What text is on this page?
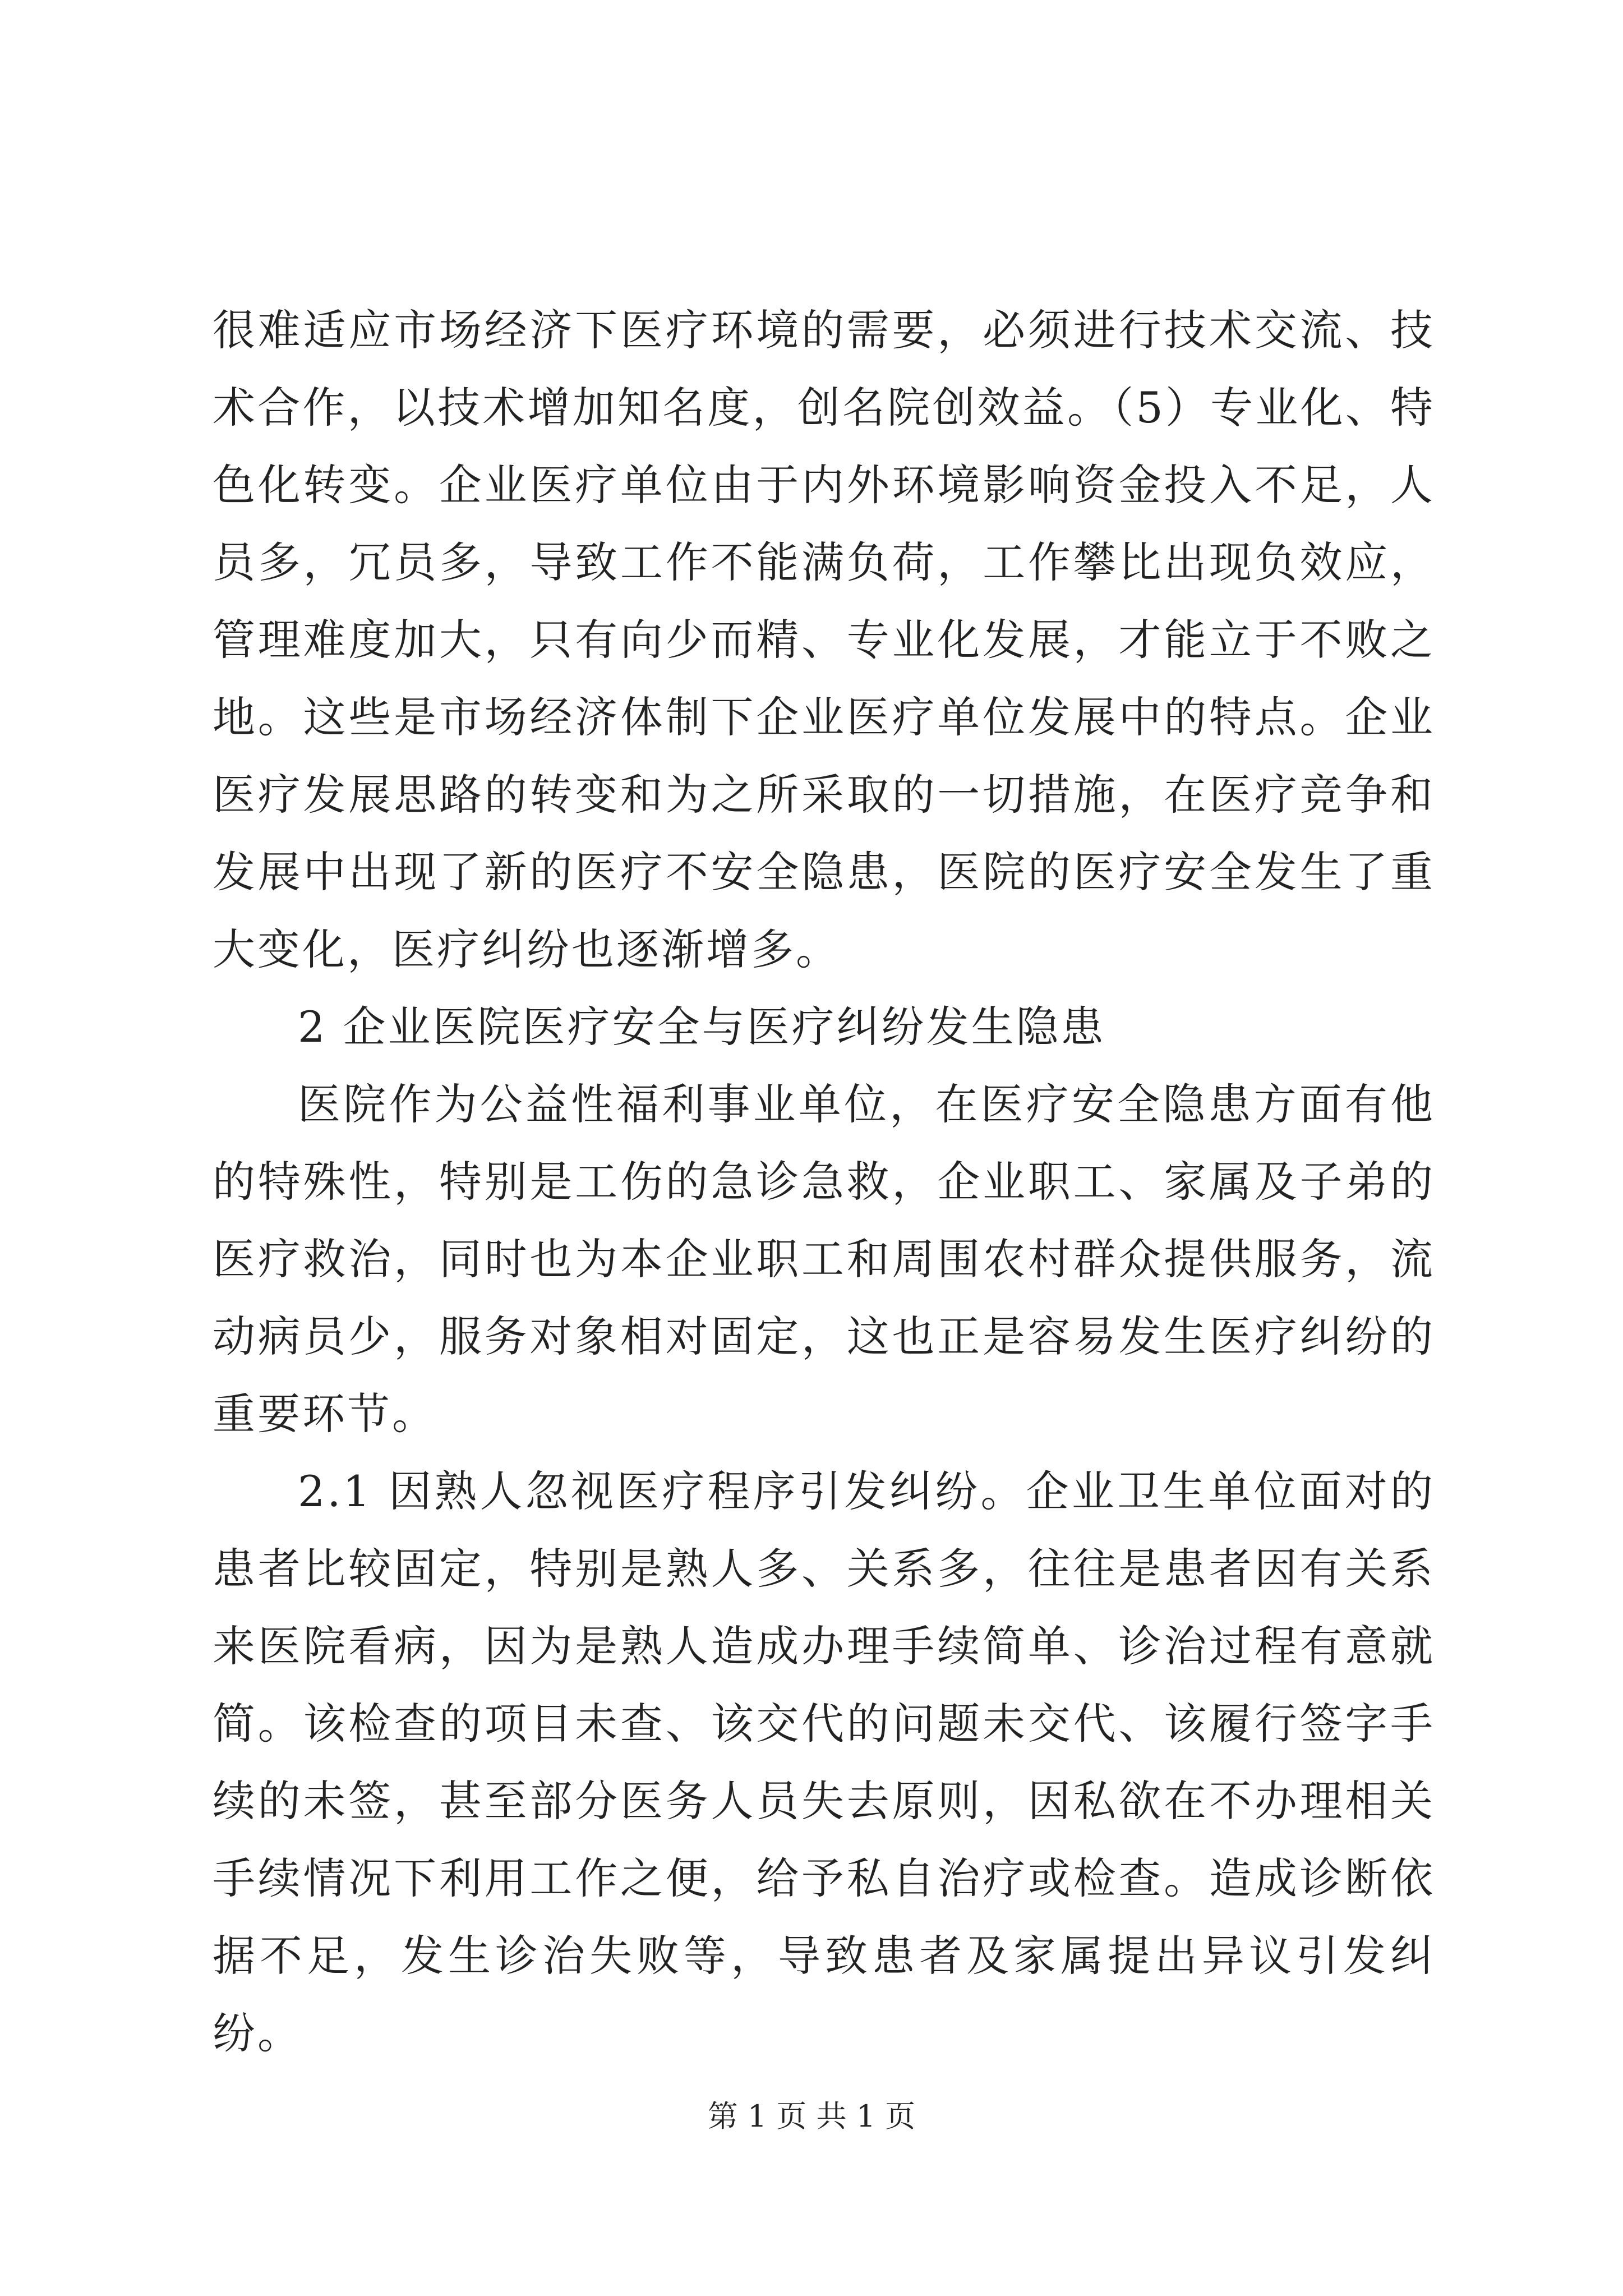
很难适应市场经济下医疗环境的需要，必须进行技术交流、技术合作，以技术增加知名度，创名院创效益。（5）专业化、特色化转变。企业医疗单位由于内外环境影响资金投入不足，人员多，冗员多，导致工作不能满负荷，工作攀比出现负效应，管理难度加大，只有向少而精、专业化发展，才能立于不败之地。这些是市场经济体制下企业医疗单位发展中的特点。企业医疗发展思路的转变和为之所采取的一切措施，在医疗竞争和发展中出现了新的医疗不安全隐患，医院的医疗安全发生了重大变化，医疗纠纷也逐渐增多。

2 企业医院医疗安全与医疗纠纷发生隐患

医院作为公益性福利事业单位，在医疗安全隐患方面有他的特殊性，特别是工伤的急诊急救，企业职工、家属及子弟的医疗救治，同时也为本企业职工和周围农村群众提供服务，流动病员少，服务对象相对固定，这也正是容易发生医疗纠纷的重要环节。

2.1 因熟人忽视医疗程序引发纠纷。企业卫生单位面对的患者比较固定，特别是熟人多、关系多，往往是患者因有关系来医院看病，因为是熟人造成办理手续简单、诊治过程有意就简。该检查的项目未查、该交代的问题未交代、该履行签字手续的未签，甚至部分医务人员失去原则，因私欲在不办理相关手续情况下利用工作之便，给予私自治疗或检查。造成诊断依据不足，发生诊治失败等，导致患者及家属提出异议引发纠纷。

第 1 页 共 1 页
